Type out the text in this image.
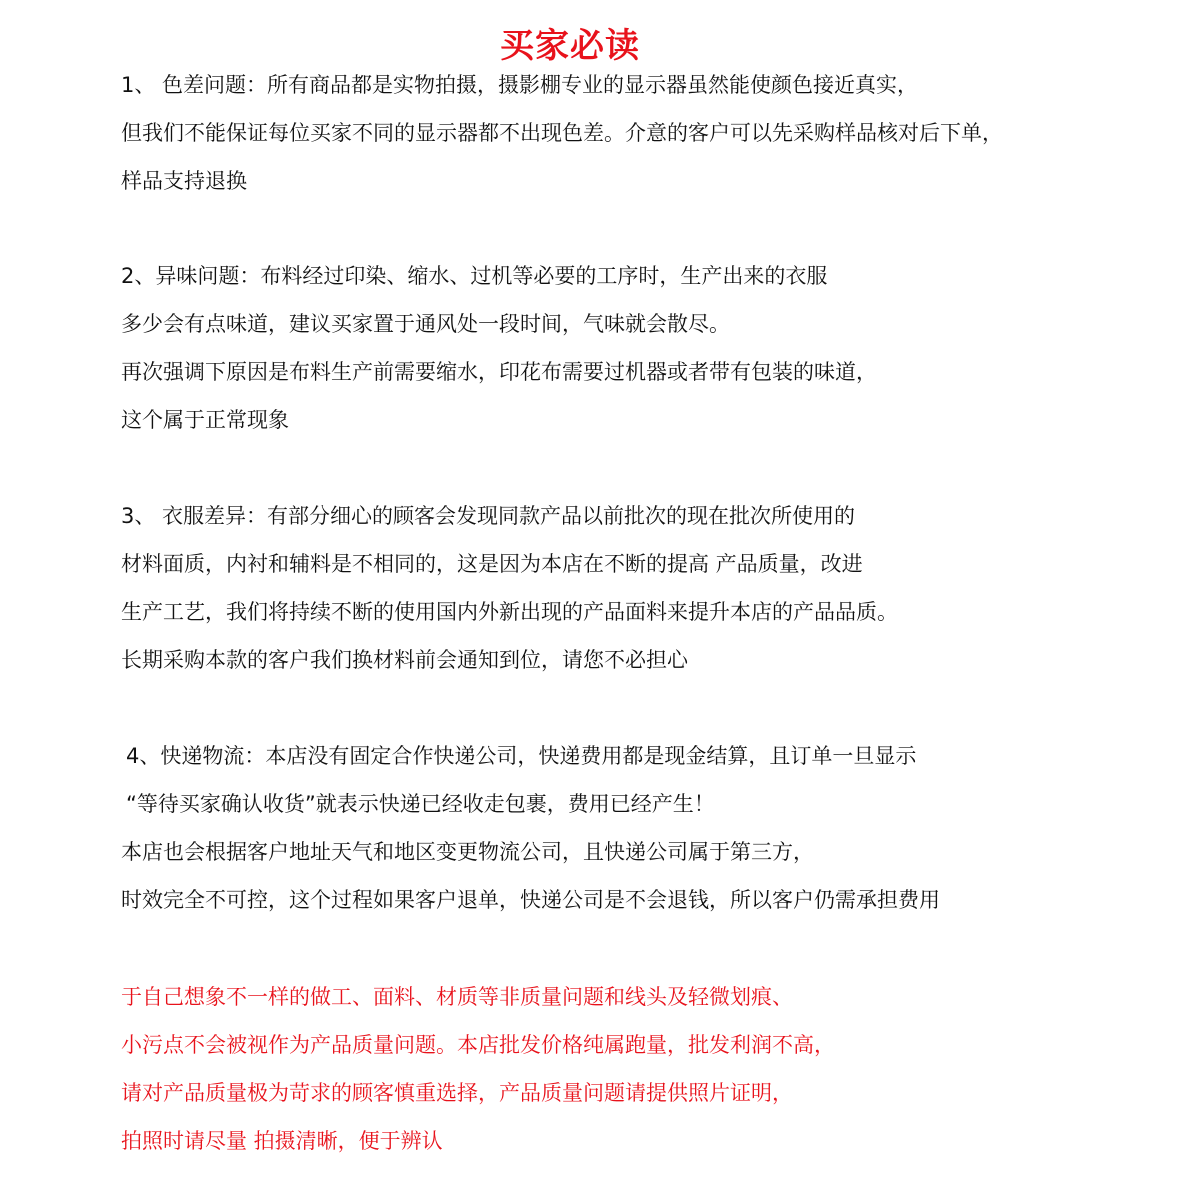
买家必读
1、 色差问题：所有商品都是实物拍摄，摄影棚专业的显示器虽然能使颜色接近真实，
但我们不能保证每位买家不同的显示器都不出现色差。介意的客户可以先采购样品核对后下单，
样品支持退换
2、异味问题：布料经过印染、缩水、过机等必要的工序时，生产出来的衣服
多少会有点味道，建议买家置于通风处一段时间，气味就会散尽。
再次强调下原因是布料生产前需要缩水，印花布需要过机器或者带有包装的味道，
这个属于正常现象
3、 衣服差异：有部分细心的顾客会发现同款产品以前批次的现在批次所使用的
材料面质，内衬和辅料是不相同的，这是因为本店在不断的提高 产品质量，改进
生产工艺，我们将持续不断的使用国内外新出现的产品面料来提升本店的产品品质。
长期采购本款的客户我们换材料前会通知到位，请您不必担心
4、快递物流：本店没有固定合作快递公司，快递费用都是现金结算，且订单一旦显示
“等待买家确认收货”就表示快递已经收走包裹，费用已经产生！
本店也会根据客户地址天气和地区变更物流公司，且快递公司属于第三方，
时效完全不可控，这个过程如果客户退单，快递公司是不会退钱，所以客户仍需承担费用
于自己想象不一样的做工、面料、材质等非质量问题和线头及轻微划痕、
小污点不会被视作为产品质量问题。本店批发价格纯属跑量，批发利润不高，
请对产品质量极为苛求的顾客慎重选择，产品质量问题请提供照片证明，
拍照时请尽量 拍摄清晰，便于辨认
